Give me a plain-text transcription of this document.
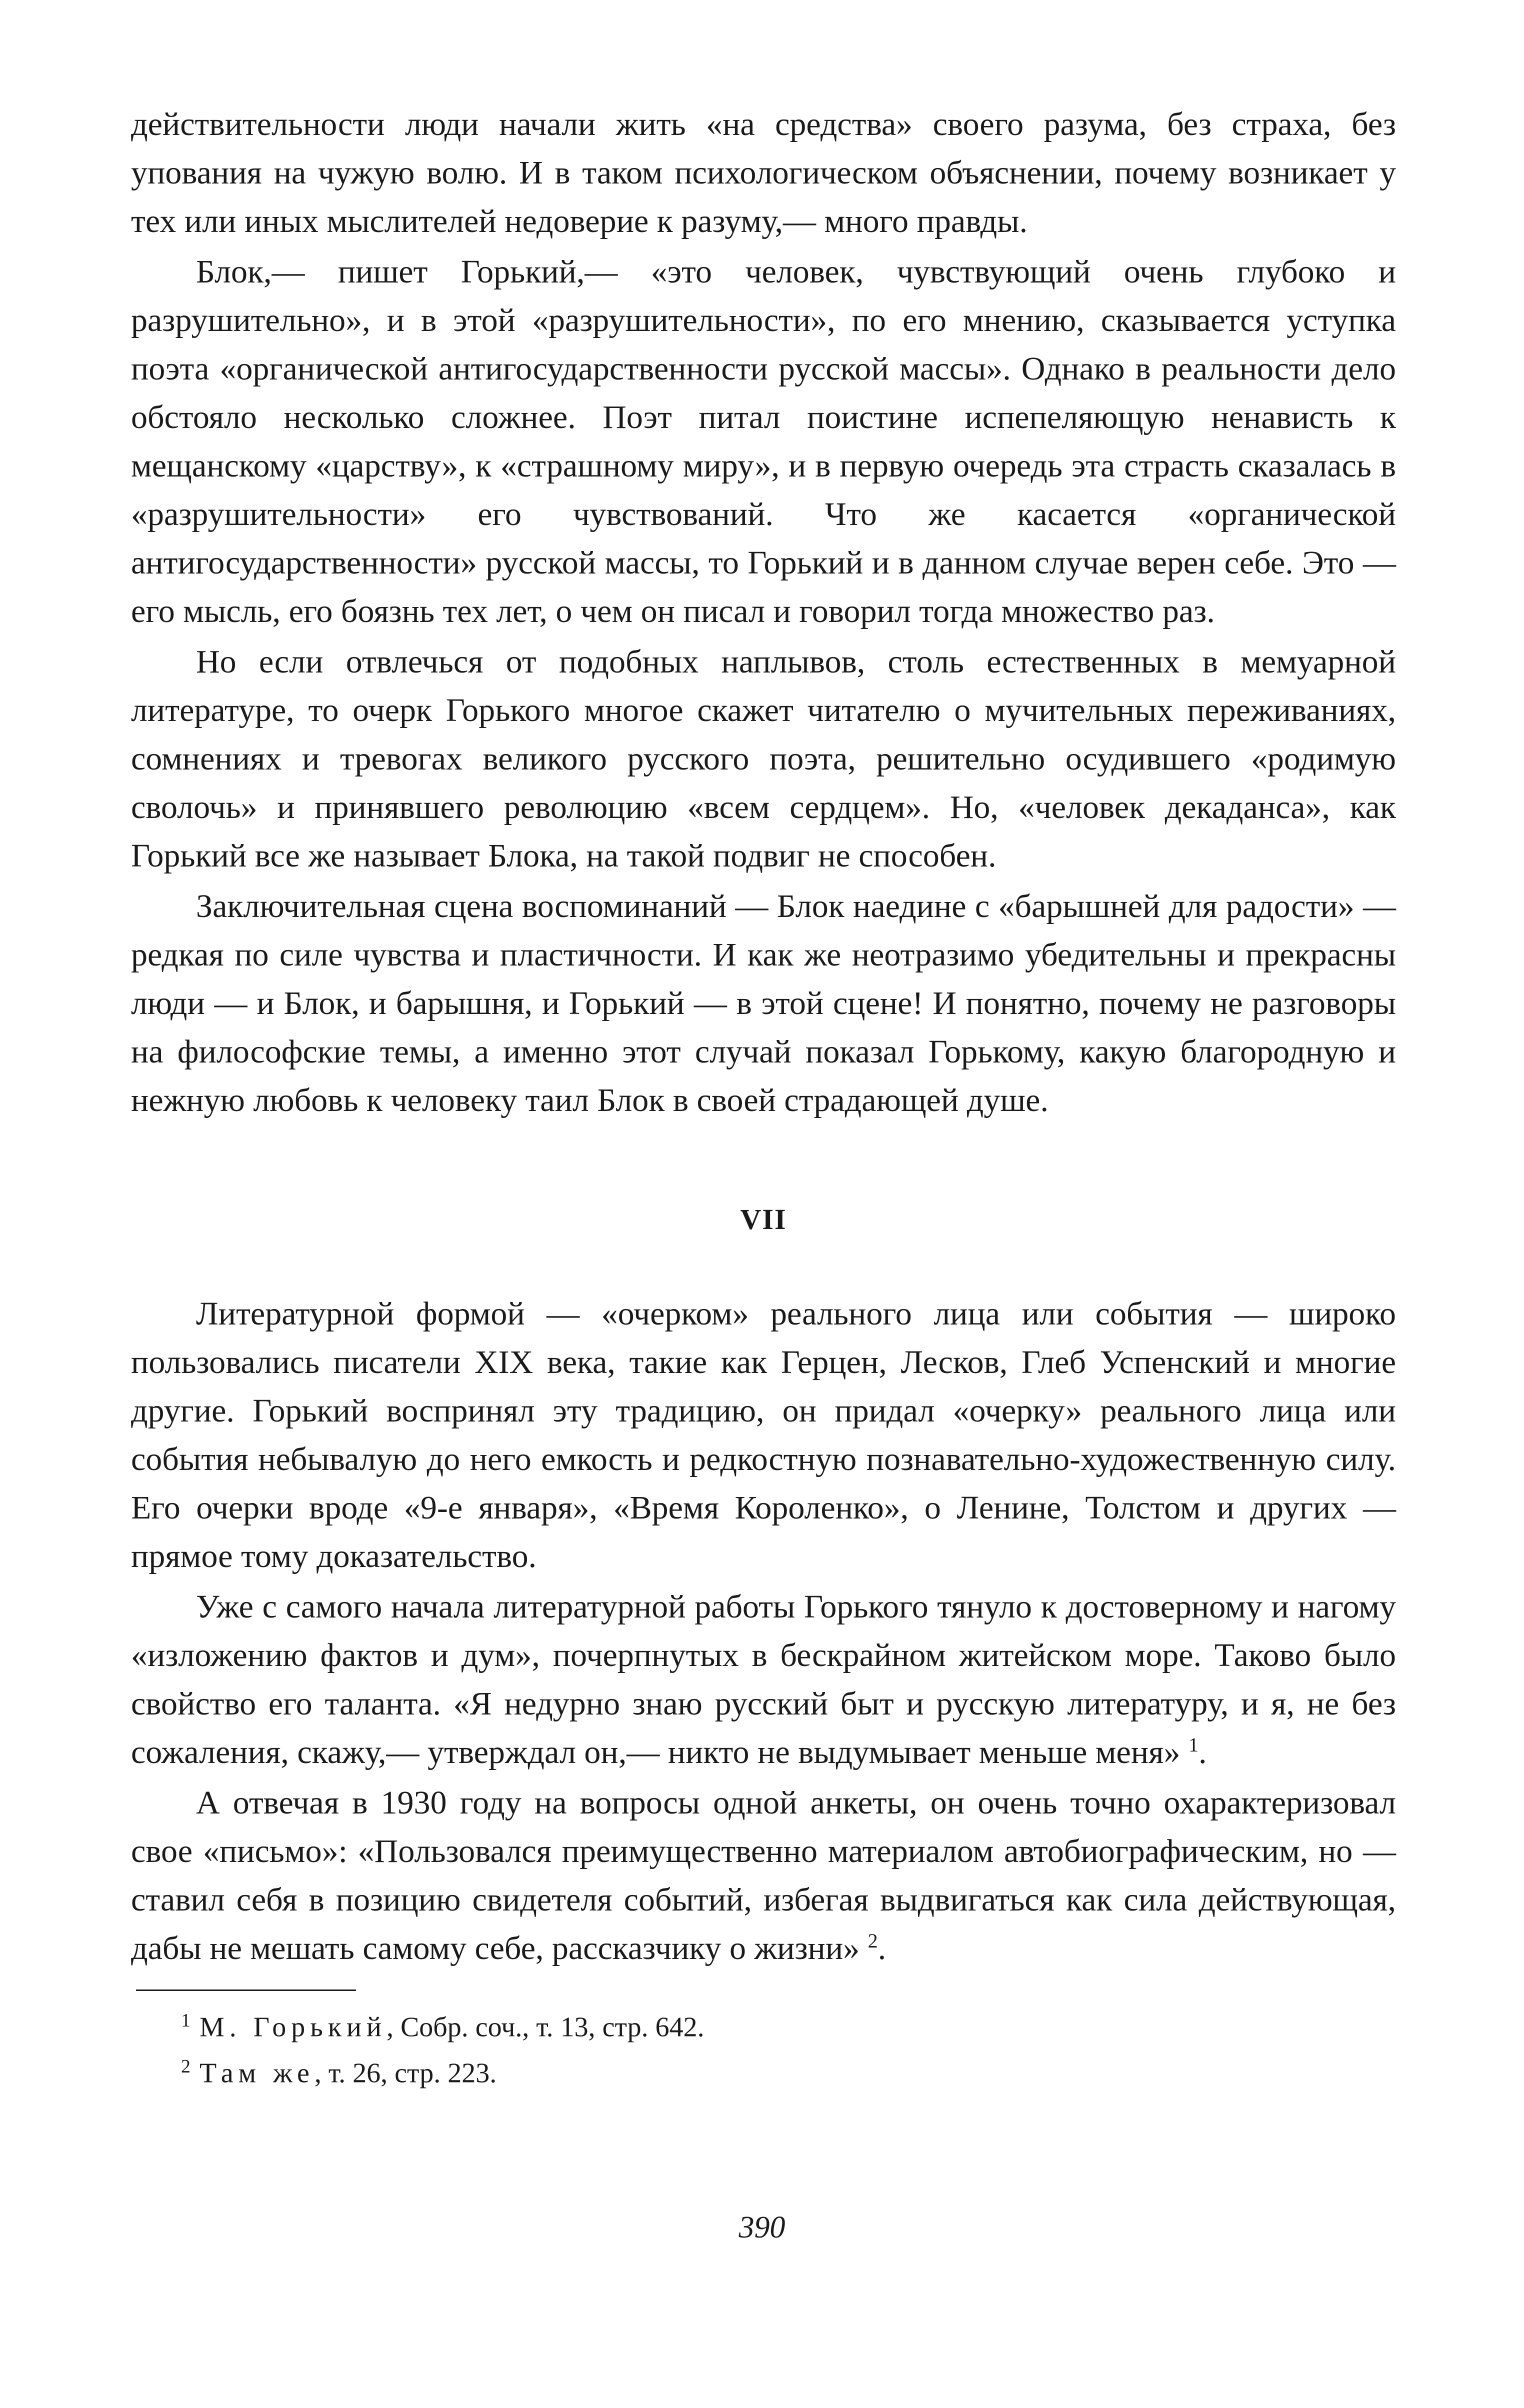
действительности люди начали жить «на средства» своего разума, без страха, без упования на чужую волю. И в таком психологическом объяснении, почему возникает у тех или иных мыслителей недоверие к разуму,— много правды.

Блок,— пишет Горький,— «это человек, чувствующий очень глубоко и разрушительно», и в этой «разрушительности», по его мнению, сказывается уступка поэта «органической антигосударственности русской массы». Однако в реальности дело обстояло несколько сложнее. Поэт питал поистине испепеляющую ненависть к мещанскому «царству», к «страшному миру», и в первую очередь эта страсть сказалась в «разрушительности» его чувствований. Что же касается «органической антигосударственности» русской массы, то Горький и в данном случае верен себе. Это — его мысль, его боязнь тех лет, о чем он писал и говорил тогда множество раз.

Но если отвлечься от подобных наплывов, столь естественных в мемуарной литературе, то очерк Горького многое скажет читателю о мучительных переживаниях, сомнениях и тревогах великого русского поэта, решительно осудившего «родимую сволочь» и принявшего революцию «всем сердцем». Но, «человек декаданса», как Горький все же называет Блока, на такой подвиг не способен.

Заключительная сцена воспоминаний — Блок наедине с «барышней для радости» — редкая по силе чувства и пластичности. И как же неотразимо убедительны и прекрасны люди — и Блок, и барышня, и Горький — в этой сцене! И понятно, почему не разговоры на философские темы, а именно этот случай показал Горькому, какую благородную и нежную любовь к человеку таил Блок в своей страдающей душе.

VII

Литературной формой — «очерком» реального лица или события — широко пользовались писатели XIX века, такие как Герцен, Лесков, Глеб Успенский и многие другие. Горький воспринял эту традицию, он придал «очерку» реального лица или события небывалую до него емкость и редкостную познавательно-художественную силу. Его очерки вроде «9-е января», «Время Короленко», о Ленине, Толстом и других — прямое тому доказательство.

Уже с самого начала литературной работы Горького тянуло к достоверному и нагому «изложению фактов и дум», почерпнутых в бескрайном житейском море. Таково было свойство его таланта. «Я недурно знаю русский быт и русскую литературу, и я, не без сожаления, скажу,— утверждал он,— никто не выдумывает меньше меня» $^1$.

А отвечая в 1930 году на вопросы одной анкеты, он очень точно охарактеризовал свое «письмо»: «Пользовался преимущественно материалом автобиографическим, но — ставил себя в позицию свидетеля событий, избегая выдвигаться как сила действующая, дабы не мешать самому себе, рассказчику о жизни» $^2$.

$^1$ М. Горький, Собр. соч., т. 13, стр. 642.
$^2$ Там же, т. 26, стр. 223.
390
